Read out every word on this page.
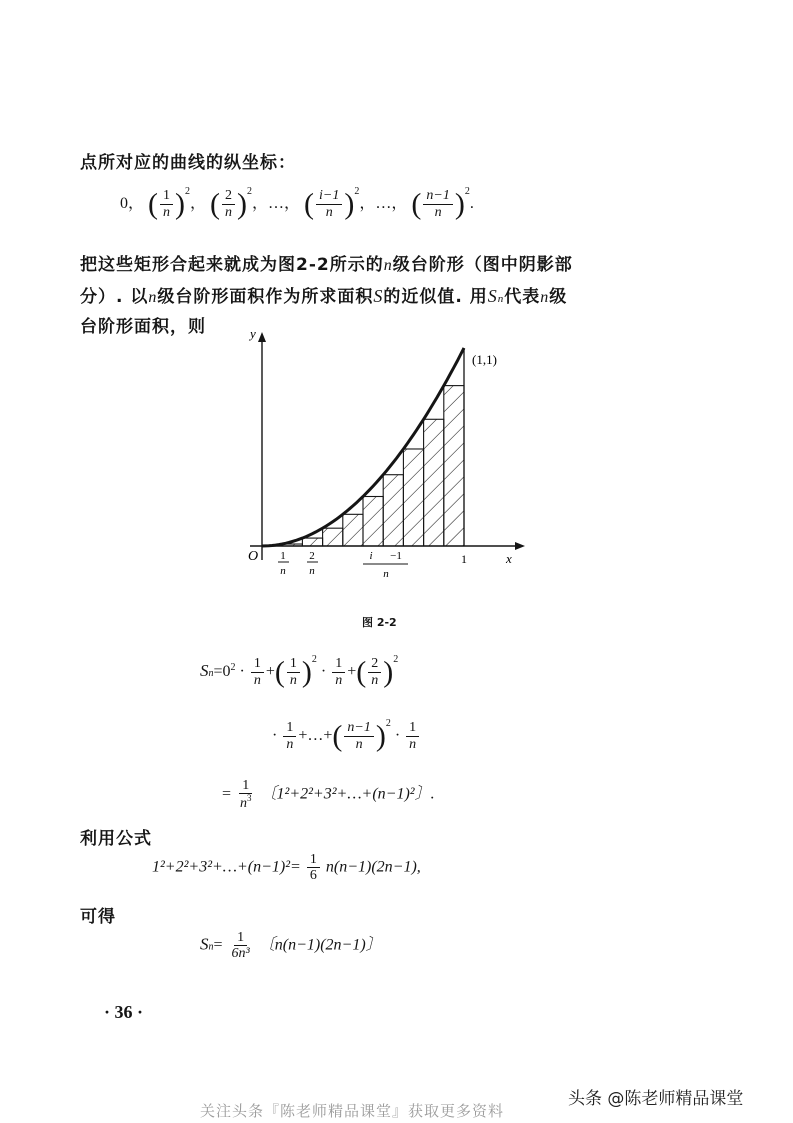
点所对应的曲线的纵坐标：
0， ( $\frac{1}{n} )^2$， ( $\frac{2}{n} )^2$，…， ( $\frac{i-1}{n} )^2$，…， ( $\frac{n-1}{n} )^2$.
把这些矩形合起来就成为图2-2所示的n级台阶形（图中阴影部
分）. 以n级台阶形面积作为所求面积S的近似值. 用Sn代表n级
台阶形面积，则	y
x
O
(1,1)
1
n
2
n
i −1
n
1
图 2-2
$Sn=0^2 \cdot \frac{1}{n}$ +( $\frac{1}{n} )^2 \cdot \frac{1}{n}$ +( $\frac{2}{n} )^2$
· $\frac{1}{n}$ +…+( $\frac{n-1}{n} )^2 \cdot \frac{1}{n}$
= $\frac{1}{n^3}$ 〔1²+2²+3²+…+(n−1)²〕.
利用公式
1²+2²+3²+…+(n−1)²= $\frac{1}{6} n(n-1)(2n-1)$,
可得
$Sn= \frac{1}{\text{6n³}}$ 〔n(n−1)(2n−1)〕
· 36 ·
关注头条『陈老师精品课堂』获取更多资料
头条 @陈老师精品课堂
